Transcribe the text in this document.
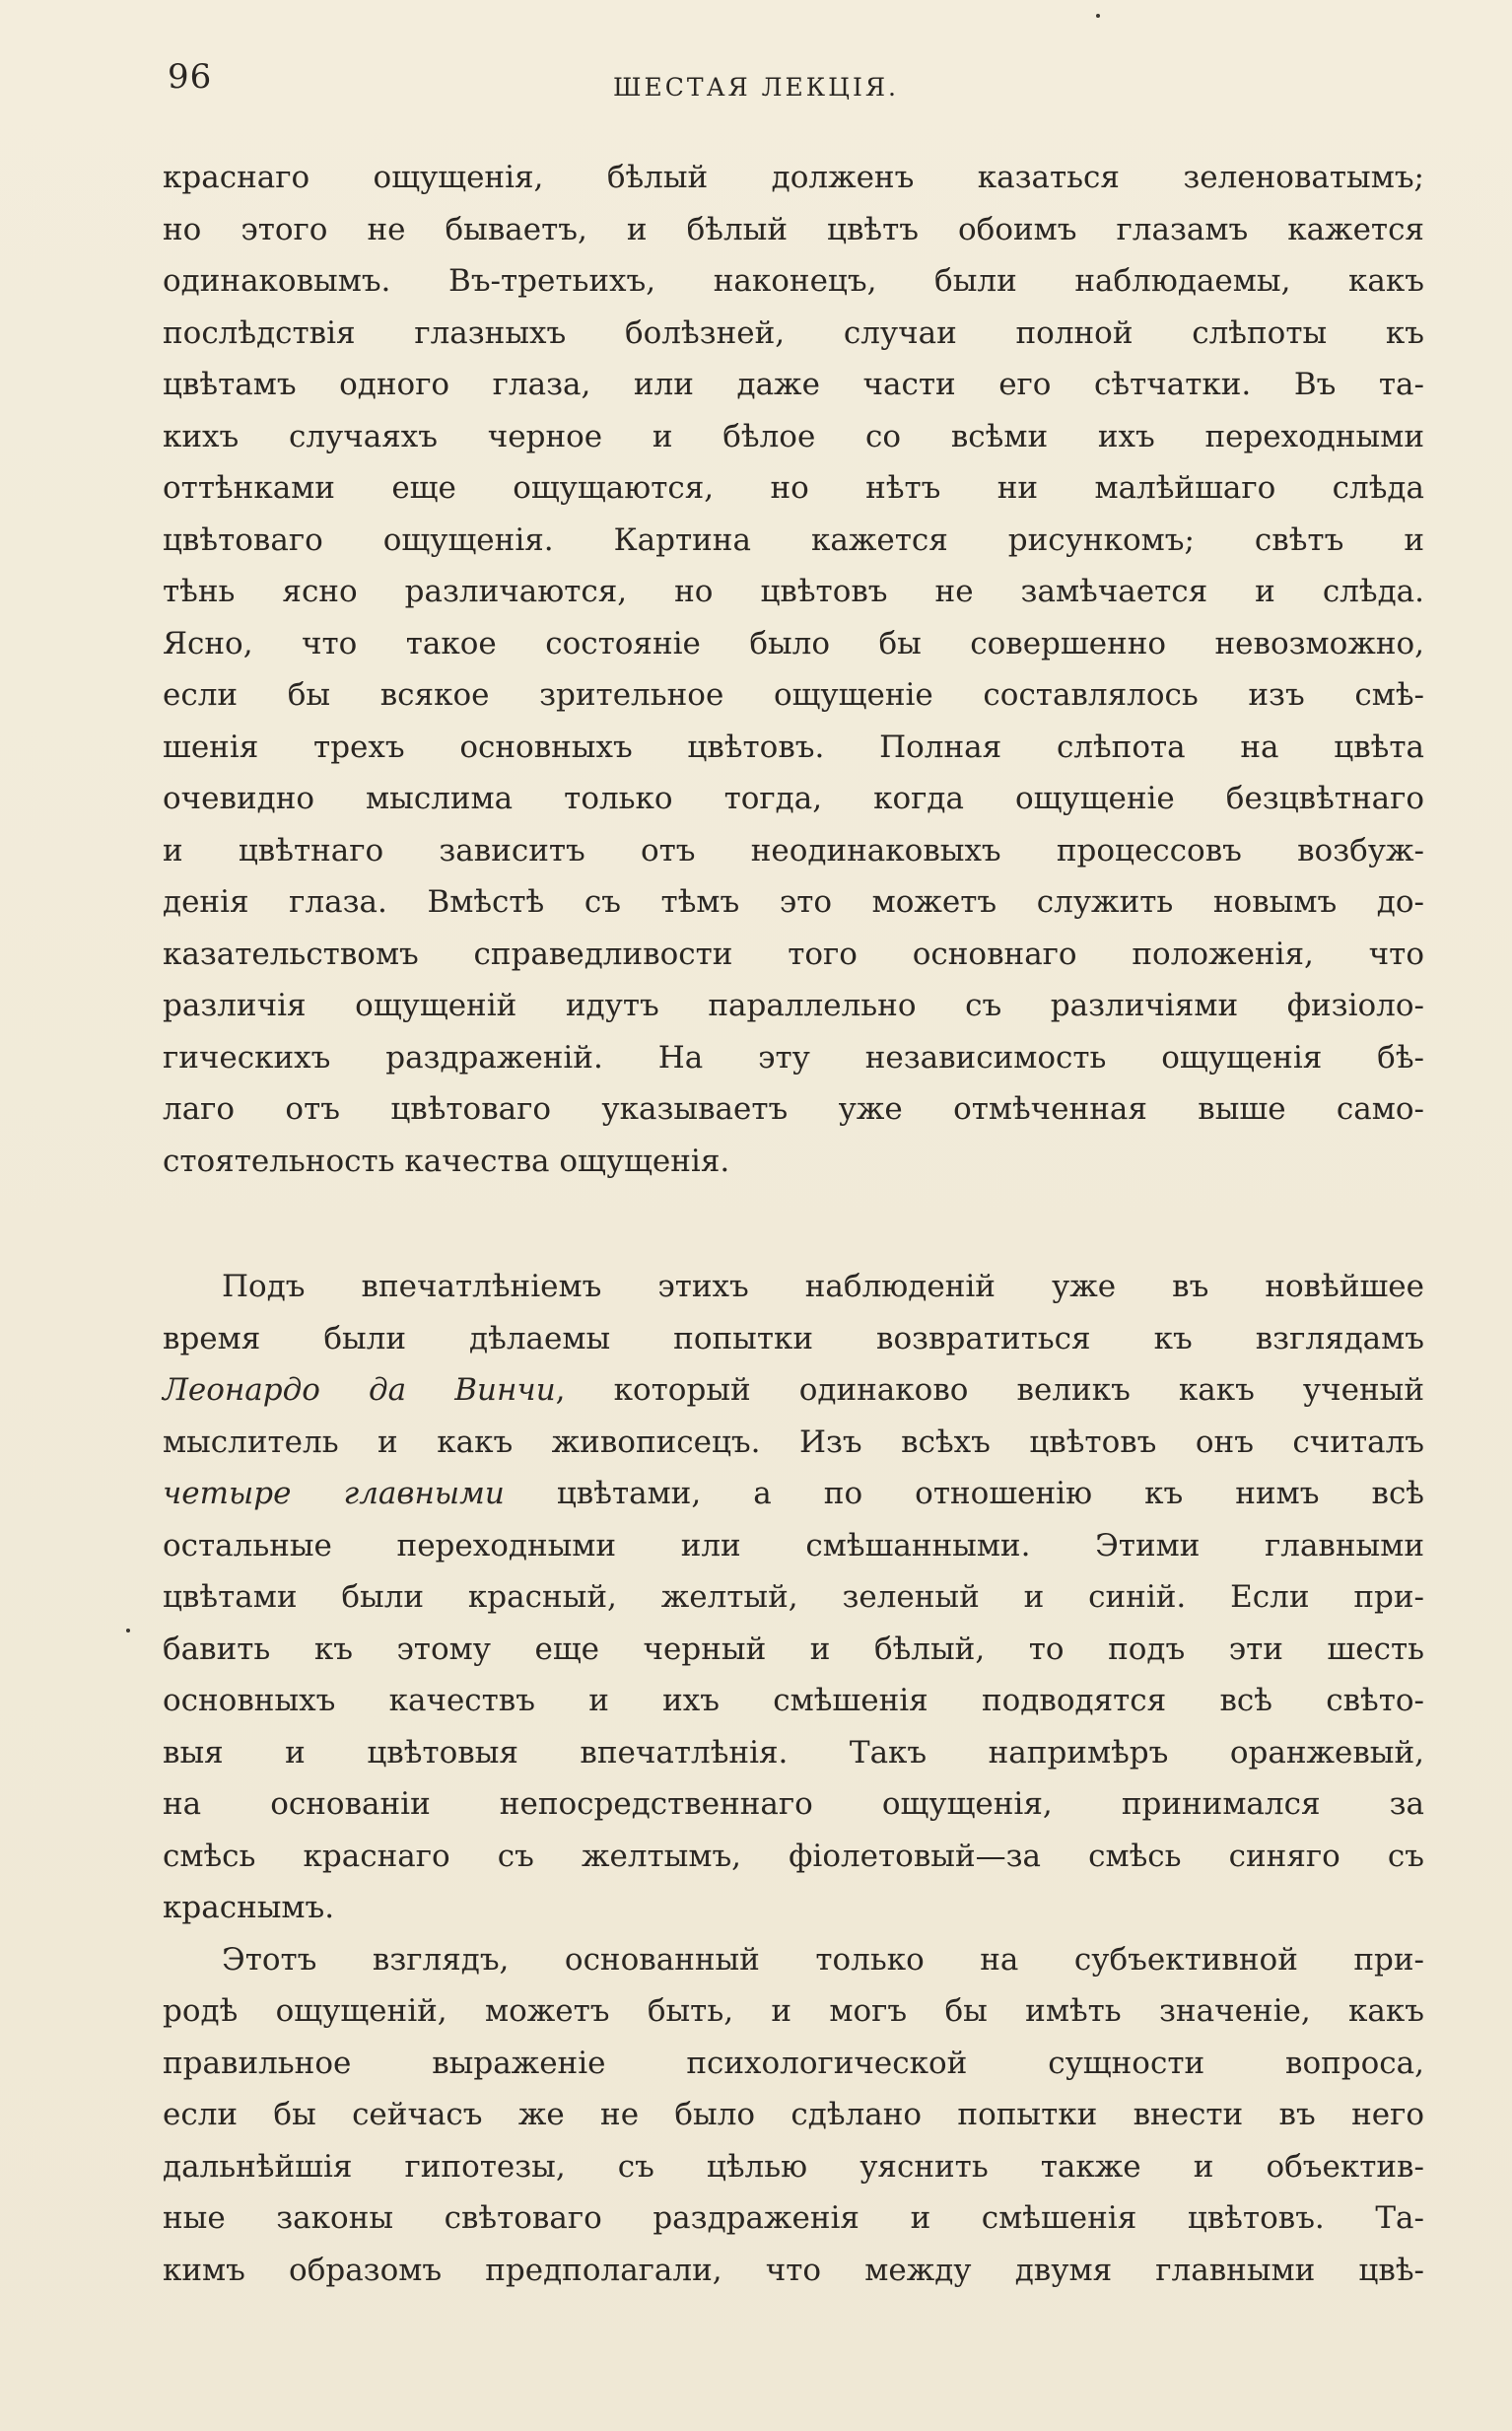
96	ШЕСТАЯ ЛЕКЦІЯ.
краснаго ощущенія, бѣлый долженъ казаться зеленоватымъ;
но этого не бываетъ, и бѣлый цвѣтъ обоимъ глазамъ кажется
одинаковымъ. Въ-третьихъ, наконецъ, были наблюдаемы, какъ
послѣдствія глазныхъ болѣзней, случаи полной слѣпоты къ
цвѣтамъ одного глаза, или даже части его сѣтчатки. Въ та-
кихъ случаяхъ черное и бѣлое со всѣми ихъ переходными
оттѣнками еще ощущаются, но нѣтъ ни малѣйшаго слѣда
цвѣтоваго ощущенія. Картина кажется рисункомъ; свѣтъ и
тѣнь ясно различаются, но цвѣтовъ не замѣчается и слѣда.
Ясно, что такое состояніе было бы совершенно невозможно,
если бы всякое зрительное ощущеніе составлялось изъ смѣ-
шенія трехъ основныхъ цвѣтовъ. Полная слѣпота на цвѣта
очевидно мыслима только тогда, когда ощущеніе безцвѣтнаго
и цвѣтнаго зависитъ отъ неодинаковыхъ процессовъ возбуж-
денія глаза. Вмѣстѣ съ тѣмъ это можетъ служить новымъ до-
казательствомъ справедливости того основнаго положенія, что
различія ощущеній идутъ параллельно съ различіями физіоло-
гическихъ раздраженій. На эту независимость ощущенія бѣ-
лаго отъ цвѣтоваго указываетъ уже отмѣченная выше само-
стоятельность качества ощущенія.
Подъ впечатлѣніемъ этихъ наблюденій уже въ новѣйшее
время были дѣлаемы попытки возвратиться къ взглядамъ
Леонардо да Винчи, который одинаково великъ какъ ученый
мыслитель и какъ живописецъ. Изъ всѣхъ цвѣтовъ онъ считалъ
четыре главными цвѣтами, а по отношенію къ нимъ всѣ
остальные переходными или смѣшанными. Этими главными
цвѣтами были красный, желтый, зеленый и синій. Если при-
бавить къ этому еще черный и бѣлый, то подъ эти шесть
основныхъ качествъ и ихъ смѣшенія подводятся всѣ свѣто-
выя и цвѣтовыя впечатлѣнія. Такъ напримѣръ оранжевый,
на основаніи непосредственнаго ощущенія, принимался за
смѣсь краснаго съ желтымъ, фіолетовый—за смѣсь синяго съ
краснымъ.
Этотъ взглядъ, основанный только на субъективной при-
родѣ ощущеній, можетъ быть, и могъ бы имѣть значеніе, какъ
правильное выраженіе психологической сущности вопроса,
если бы сейчасъ же не было сдѣлано попытки внести въ него
дальнѣйшія гипотезы, съ цѣлью уяснить также и объектив-
ные законы свѣтоваго раздраженія и смѣшенія цвѣтовъ. Та-
кимъ образомъ предполагали, что между двумя главными цвѣ-
